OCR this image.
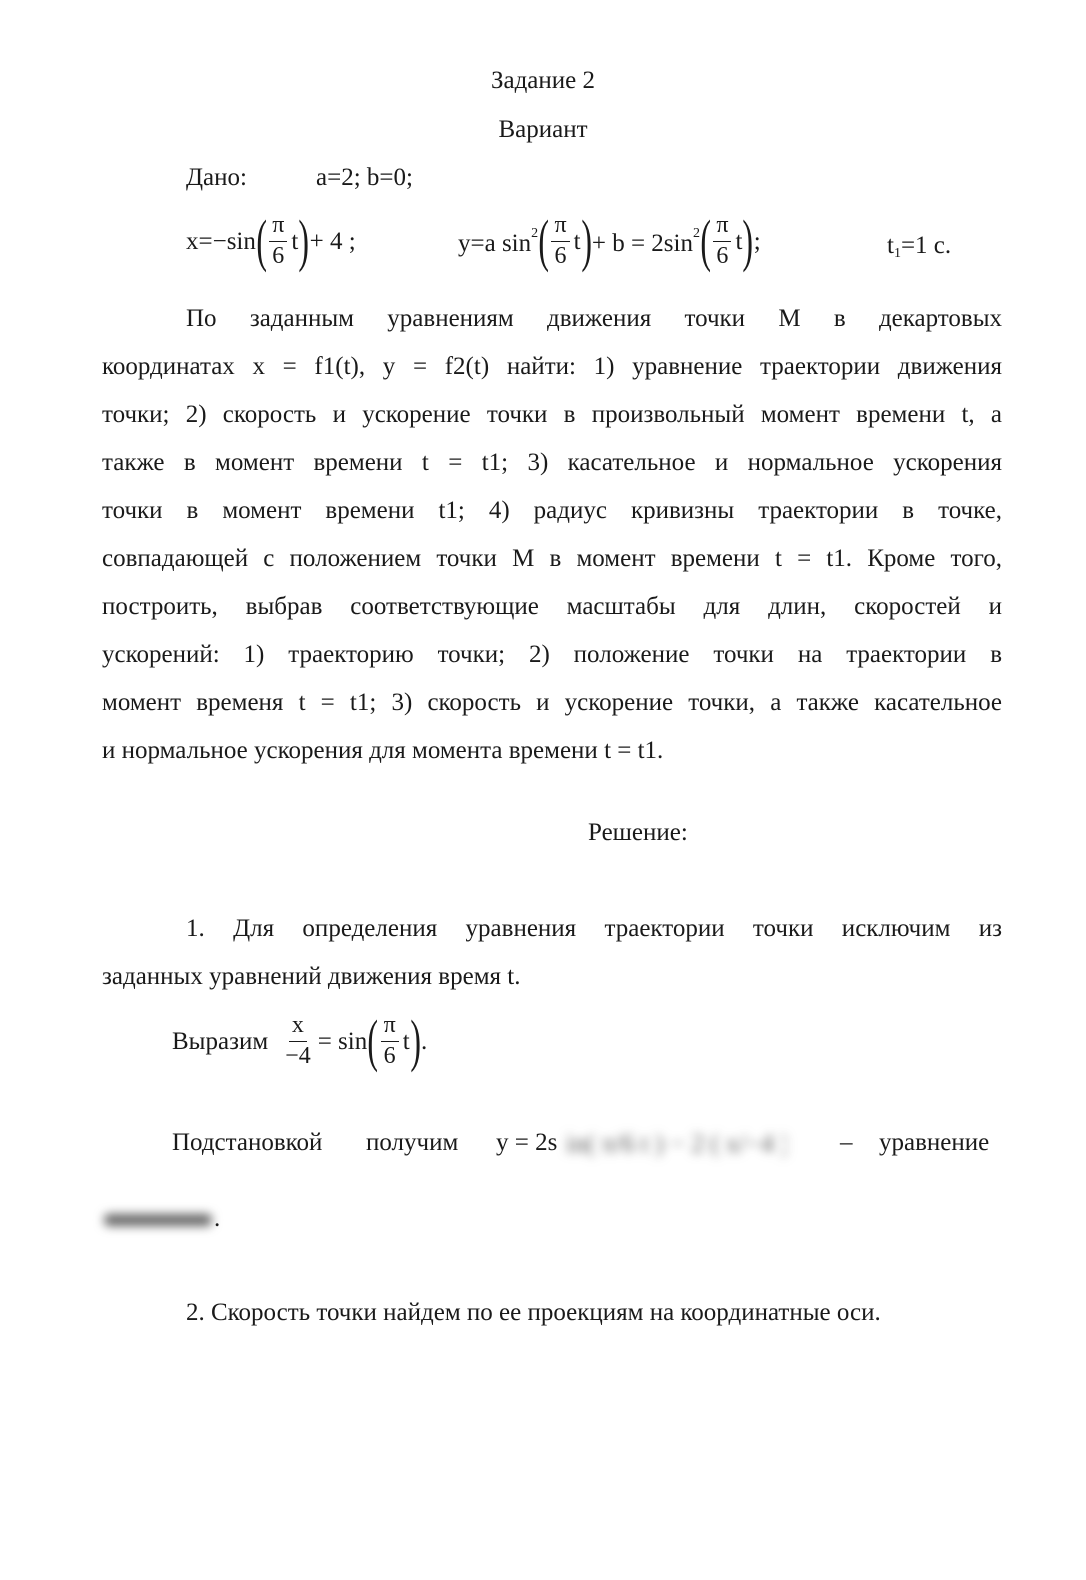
Задание 2
Вариант
Дано:	a=2; b=0;
x=−sin ( $\frac{\pi}{6}$ t ) + 4 ;	y=a $\sin^2$ ( $\frac{\pi}{6}$ t ) + $b = 2\sin^2$ ( $\frac{\pi}{6}$ t ) ;	$t_1=1$ с.
По заданным уравнениям движения точки М в декартовых
координатах x = f1(t), y = f2(t) найти: 1) уравнение траектории движения
точки; 2) скорость и ускорение точки в произвольный момент времени t, а
также в момент времени t = t1; 3) касательное и нормальное ускорения
точки в момент времени t1; 4) радиус кривизны траектории в точке,
совпадающей с положением точки М в момент времени t = t1. Кроме того,
построить, выбрав соответствующие масштабы для длин, скоростей и
ускорений: 1) траекторию точки; 2) положение точки на траектории в
момент временя t = t1; 3) скорость и ускорение точки, а также касательное
и нормальное ускорения для момента времени t = t1.
Решение:
1. Для определения уравнения траектории точки исключим из
заданных уравнений движения время t.
Выразим $\frac{x}{-4} = \sin$ ( $\frac{\pi}{6}$ t ) .
Подстановкой получим y = 2s in( π/6 t ) − 2 ( x/−4 )² – уравнение
.
2. Скорость точки найдем по ее проекциям на координатные оси.
